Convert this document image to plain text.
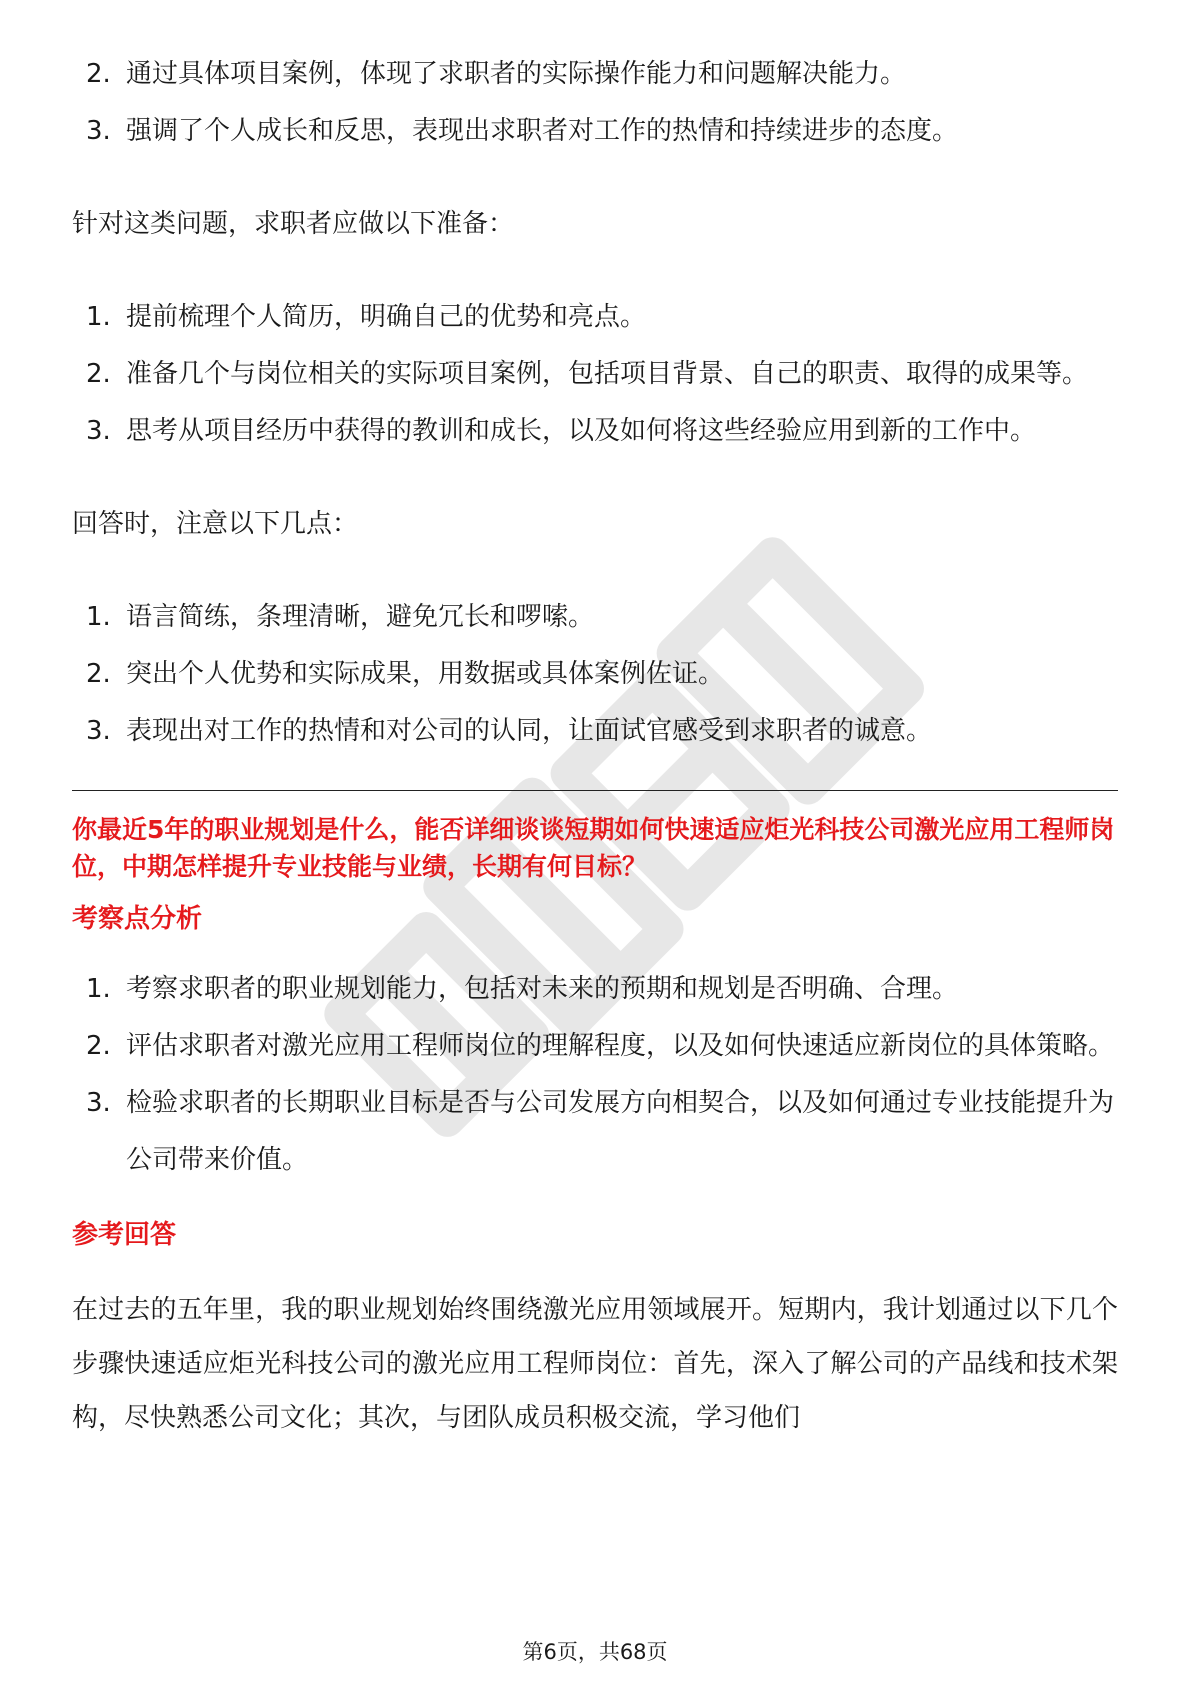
2. 通过具体项目案例，体现了求职者的实际操作能力和问题解决能力。
3. 强调了个人成长和反思，表现出求职者对工作的热情和持续进步的态度。
针对这类问题，求职者应做以下准备：
1. 提前梳理个人简历，明确自己的优势和亮点。
2. 准备几个与岗位相关的实际项目案例，包括项目背景、自己的职责、取得的成果等。
3. 思考从项目经历中获得的教训和成长，以及如何将这些经验应用到新的工作中。
回答时，注意以下几点：
1. 语言简练，条理清晰，避免冗长和啰嗦。
2. 突出个人优势和实际成果，用数据或具体案例佐证。
3. 表现出对工作的热情和对公司的认同，让面试官感受到求职者的诚意。
你最近5年的职业规划是什么，能否详细谈谈短期如何快速适应炬光科技公司激光应用工程师岗位，中期怎样提升专业技能与业绩，长期有何目标？
考察点分析
1. 考察求职者的职业规划能力，包括对未来的预期和规划是否明确、合理。
2. 评估求职者对激光应用工程师岗位的理解程度，以及如何快速适应新岗位的具体策略。
3. 检验求职者的长期职业目标是否与公司发展方向相契合，以及如何通过专业技能提升为公司带来价值。
参考回答
在过去的五年里，我的职业规划始终围绕激光应用领域展开。短期内，我计划通过以下几个步骤快速适应炬光科技公司的激光应用工程师岗位：首先，深入了解公司的产品线和技术架构，尽快熟悉公司文化；其次，与团队成员积极交流，学习他们
第6页，共68页
